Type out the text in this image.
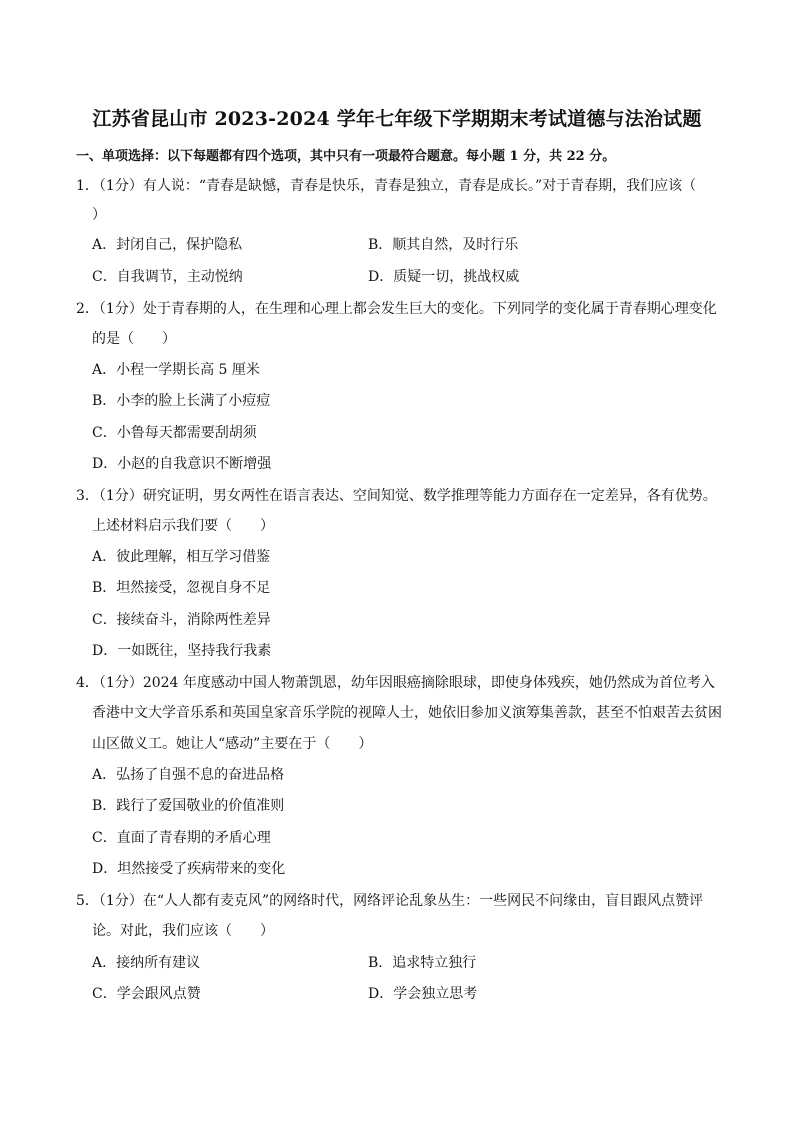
江苏省昆山市 2023-2024 学年七年级下学期期末考试道德与法治试题
一、单项选择：以下每题都有四个选项，其中只有一项最符合题意。每小题 1 分，共 22 分。
1．（1分）有人说：“青春是缺憾，青春是快乐，青春是独立，青春是成长。”对于青春期，我们应该（
）
A．封闭自己，保护隐私	B．顺其自然，及时行乐
C．自我调节，主动悦纳	D．质疑一切，挑战权威
2．（1分）处于青春期的人，在生理和心理上都会发生巨大的变化。下列同学的变化属于青春期心理变化
的是（　　）
A．小程一学期长高 5 厘米
B．小李的脸上长满了小痘痘
C．小鲁每天都需要刮胡须
D．小赵的自我意识不断增强
3．（1分）研究证明，男女两性在语言表达、空间知觉、数学推理等能力方面存在一定差异，各有优势。
上述材料启示我们要（　　）
A．彼此理解，相互学习借鉴
B．坦然接受，忽视自身不足
C．接续奋斗，消除两性差异
D．一如既往，坚持我行我素
4．（1分）2024 年度感动中国人物萧凯恩，幼年因眼癌摘除眼球，即使身体残疾，她仍然成为首位考入
香港中文大学音乐系和英国皇家音乐学院的视障人士，她依旧参加义演筹集善款，甚至不怕艰苦去贫困
山区做义工。她让人“感动”主要在于（　　）
A．弘扬了自强不息的奋进品格
B．践行了爱国敬业的价值准则
C．直面了青春期的矛盾心理
D．坦然接受了疾病带来的变化
5．（1分）在“人人都有麦克风”的网络时代，网络评论乱象丛生：一些网民不问缘由，盲目跟风点赞评
论。对此，我们应该（　　）
A．接纳所有建议	B．追求特立独行
C．学会跟风点赞	D．学会独立思考
